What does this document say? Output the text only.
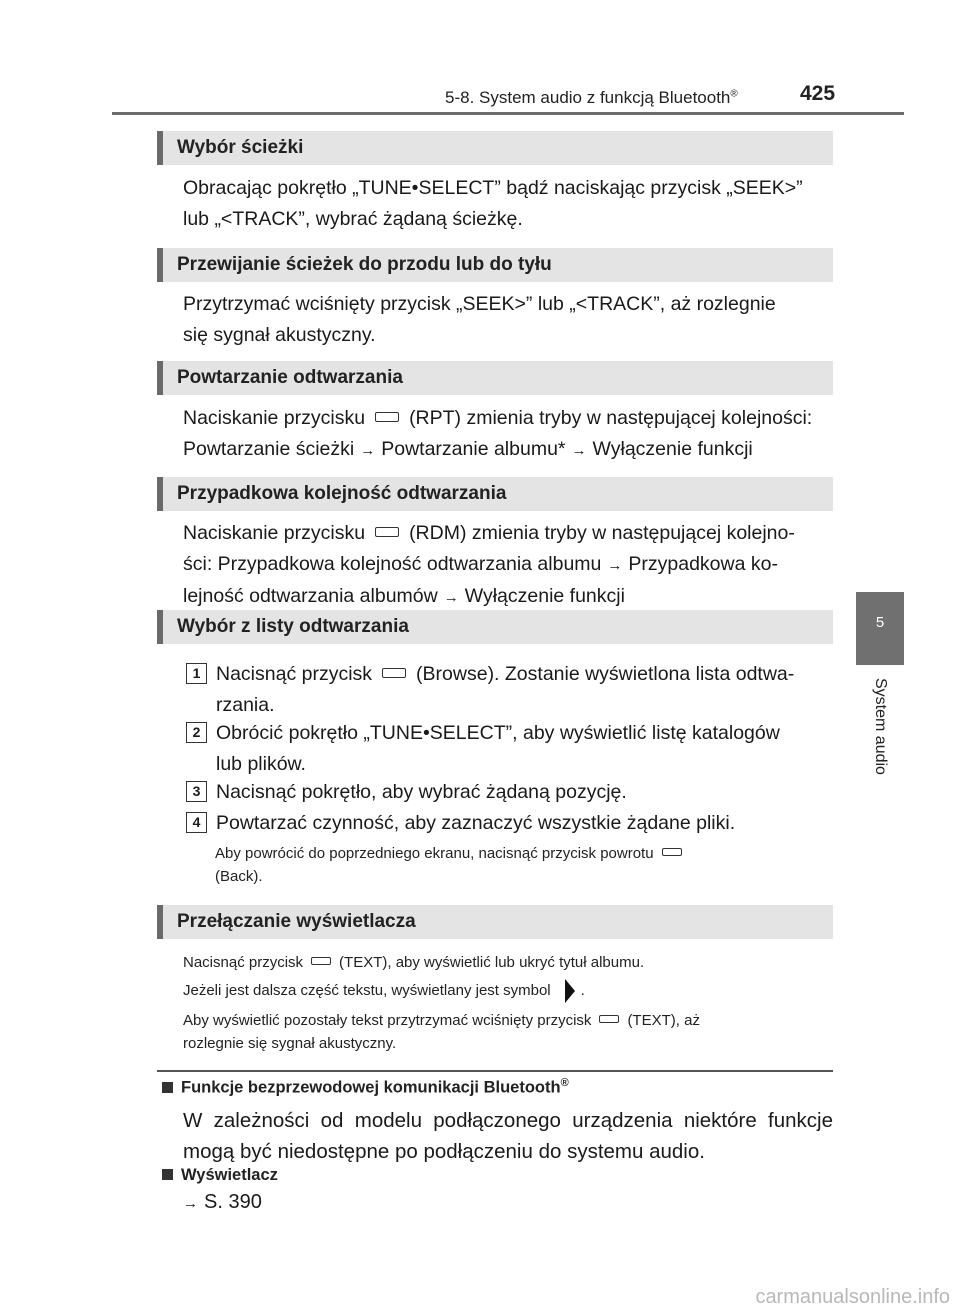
5-8. System audio z funkcją Bluetooth®	425
5
System audio
Wybór ścieżki
Obracając pokrętło „TUNE•SELECT” bądź naciskając przycisk „SEEK>”
lub „<TRACK”, wybrać żądaną ścieżkę.
Przewijanie ścieżek do przodu lub do tyłu
Przytrzymać wciśnięty przycisk „SEEK>” lub „<TRACK”, aż rozlegnie
się sygnał akustyczny.
Powtarzanie odtwarzania
Naciskanie przycisku (RPT) zmienia tryby w następującej kolejności:
Powtarzanie ścieżki → Powtarzanie albumu* → Wyłączenie funkcji
Przypadkowa kolejność odtwarzania
Naciskanie przycisku (RDM) zmienia tryby w następującej kolejno-
ści: Przypadkowa kolejność odtwarzania albumu → Przypadkowa ko-
lejność odtwarzania albumów → Wyłączenie funkcji
Wybór z listy odtwarzania
1 Nacisnąć przycisk (Browse). Zostanie wyświetlona lista odtwa-
rzania.
2 Obrócić pokrętło „TUNE•SELECT”, aby wyświetlić listę katalogów
lub plików.
3 Nacisnąć pokrętło, aby wybrać żądaną pozycję.
4 Powtarzać czynność, aby zaznaczyć wszystkie żądane pliki.
Aby powrócić do poprzedniego ekranu, nacisnąć przycisk powrotu
(Back).
Przełączanie wyświetlacza
Nacisnąć przycisk (TEXT), aby wyświetlić lub ukryć tytuł albumu.
Jeżeli jest dalsza część tekstu, wyświetlany jest symbol .
Aby wyświetlić pozostały tekst przytrzymać wciśnięty przycisk (TEXT), aż
rozlegnie się sygnał akustyczny.
Funkcje bezprzewodowej komunikacji Bluetooth®
W zależności od modelu podłączonego urządzenia niektóre funkcje mogą być niedostępne po podłączeniu do systemu audio.
Wyświetlacz
→ S. 390
carmanualsonline.info
